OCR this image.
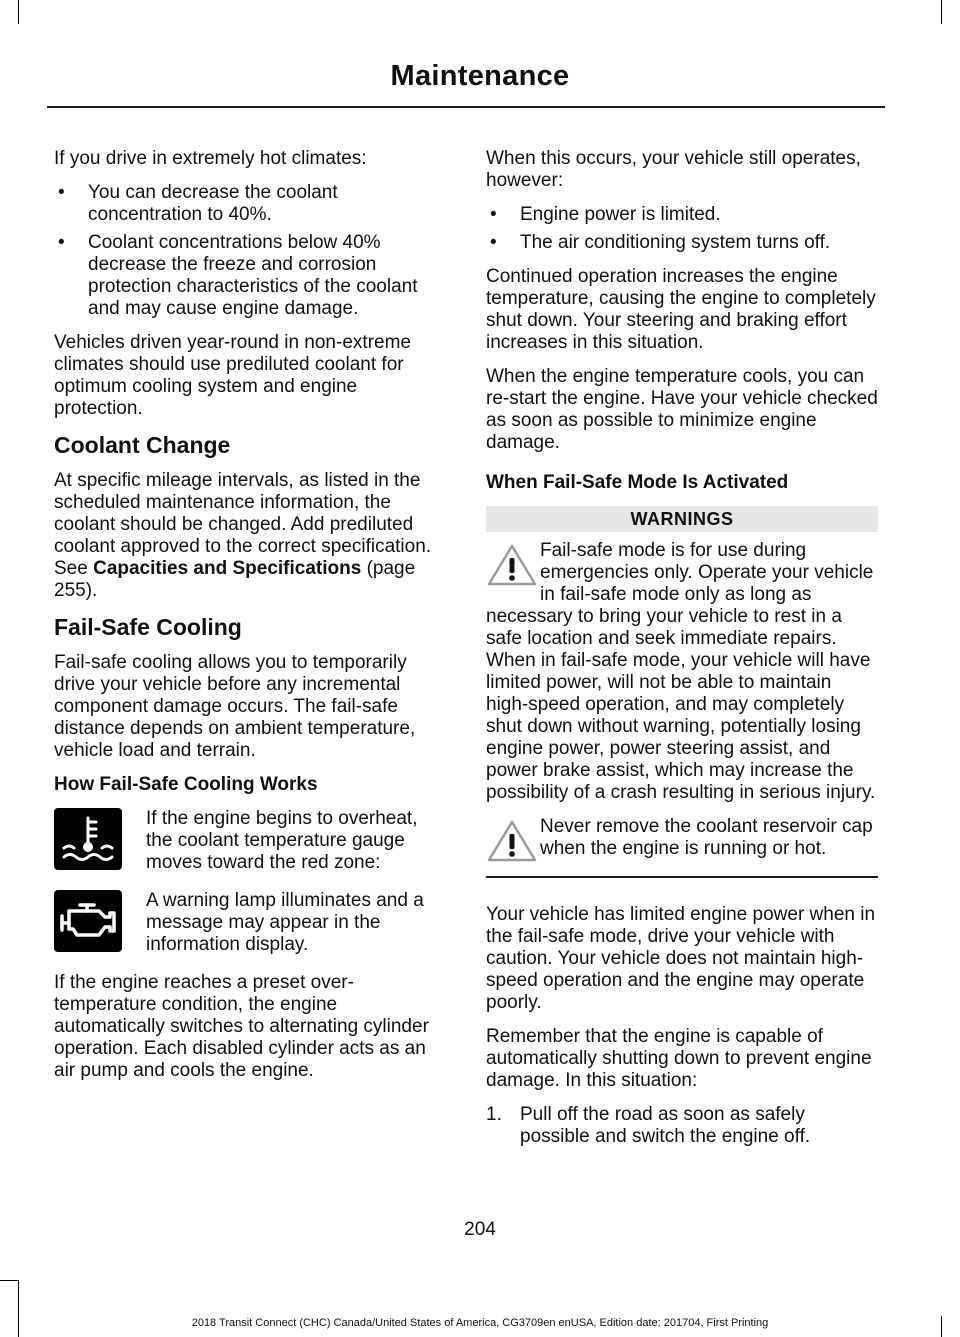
Maintenance

If you drive in extremely hot climates:

• You can decrease the coolant concentration to 40%.
• Coolant concentrations below 40% decrease the freeze and corrosion protection characteristics of the coolant and may cause engine damage.

Vehicles driven year-round in non-extreme climates should use prediluted coolant for optimum cooling system and engine protection.

Coolant Change

At specific mileage intervals, as listed in the scheduled maintenance information, the coolant should be changed. Add prediluted coolant approved to the correct specification. See Capacities and Specifications (page 255).

Fail-Safe Cooling

Fail-safe cooling allows you to temporarily drive your vehicle before any incremental component damage occurs. The fail-safe distance depends on ambient temperature, vehicle load and terrain.

How Fail-Safe Cooling Works
If the engine begins to overheat, the coolant temperature gauge moves toward the red zone:
A warning lamp illuminates and a message may appear in the information display.

If the engine reaches a preset over-temperature condition, the engine automatically switches to alternating cylinder operation. Each disabled cylinder acts as an air pump and cools the engine.

When this occurs, your vehicle still operates, however:

• Engine power is limited.
• The air conditioning system turns off.

Continued operation increases the engine temperature, causing the engine to completely shut down. Your steering and braking effort increases in this situation.

When the engine temperature cools, you can re-start the engine. Have your vehicle checked as soon as possible to minimize engine damage.

When Fail-Safe Mode Is Activated
WARNINGS
Fail-safe mode is for use during emergencies only. Operate your vehicle in fail-safe mode only as long as necessary to bring your vehicle to rest in a safe location and seek immediate repairs. When in fail-safe mode, your vehicle will have limited power, will not be able to maintain high-speed operation, and may completely shut down without warning, potentially losing engine power, power steering assist, and power brake assist, which may increase the possibility of a crash resulting in serious injury.
Never remove the coolant reservoir cap when the engine is running or hot.

Your vehicle has limited engine power when in the fail-safe mode, drive your vehicle with caution. Your vehicle does not maintain high-speed operation and the engine may operate poorly.

Remember that the engine is capable of automatically shutting down to prevent engine damage. In this situation:

1. Pull off the road as soon as safely possible and switch the engine off.
204
2018 Transit Connect (CHC) Canada/United States of America, CG3709en enUSA, Edition date: 201704, First Printing
